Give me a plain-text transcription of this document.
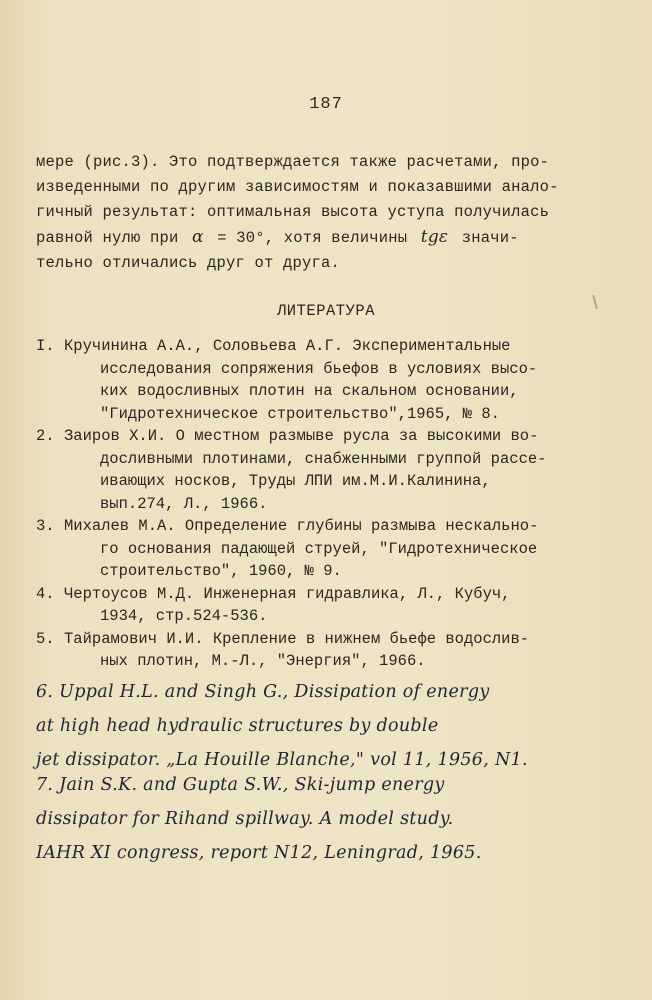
187
мере (рис.3). Это подтверждается также расчетами, про-
изведенными по другим зависимостям и показавшими анало-
гичный результат: оптимальная высота уступа получилась
равной нулю при α = 30°, хотя величины tgε значи-
тельно отличались друг от друга.
ЛИТЕРАТУРА
I. Кручинина А.А., Соловьева А.Г. Экспериментальные
исследования сопряжения бьефов в условиях высо-
ких водосливных плотин на скальном основании,
"Гидротехническое строительство",1965, № 8.
2. Заиров Х.И. О местном размыве русла за высокими во-
досливными плотинами, снабженными группой рассе-
ивающих носков, Труды ЛПИ им.М.И.Калинина,
вып.274, Л., 1966.
3. Михалев М.А. Определение глубины размыва нескально-
го основания падающей струей, "Гидротехническое
строительство", 1960, № 9.
4. Чертоусов М.Д. Инженерная гидравлика, Л., Кубуч,
1934, стр.524-536.
5. Тайрамович И.И. Крепление в нижнем бьефе водослив-
ных плотин, М.-Л., "Энергия", 1966.
6. Uppal H.L. and Singh G., Dissipation of energy
at high head hydraulic structures by double
jet dissipator. „La Houille Blanche," vol 11, 1956, N1.
7. Jain S.K. and Gupta S.W., Ski-jump energy
dissipator for Rihand spillway. A model study.
IAHR XI congress, report N12, Leningrad, 1965.
